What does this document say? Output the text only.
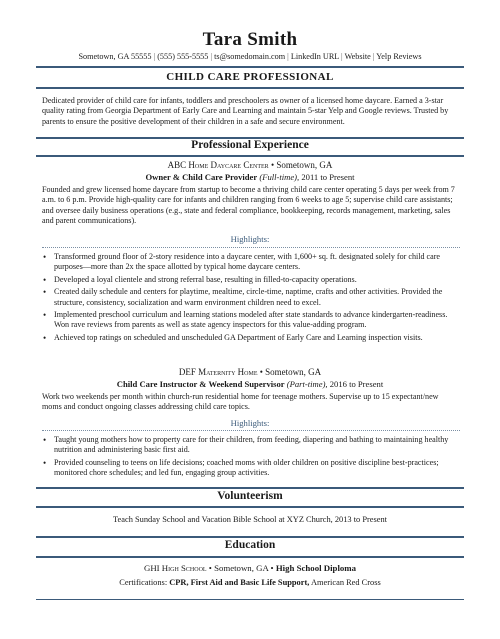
Tara Smith
Sometown, GA 55555 | (555) 555-5555 | ts@somedomain.com | LinkedIn URL | Website | Yelp Reviews
CHILD CARE PROFESSIONAL
Dedicated provider of child care for infants, toddlers and preschoolers as owner of a licensed home daycare. Earned a 3-star quality rating from Georgia Department of Early Care and Learning and maintain 5-star Yelp and Google reviews. Trusted by parents to ensure the positive development of their children in a safe and secure environment.
Professional Experience
ABC Home Daycare Center • Sometown, GA
Owner & Child Care Provider (Full-time), 2011 to Present
Founded and grew licensed home daycare from startup to become a thriving child care center operating 5 days per week from 7 a.m. to 6 p.m. Provide high-quality care for infants and children ranging from 6 weeks to age 5; supervise child care assistants; and oversee daily business operations (e.g., state and federal compliance, bookkeeping, records management, marketing, sales and parent communications).
Highlights:
• Transformed ground floor of 2-story residence into a daycare center, with 1,600+ sq. ft. designated solely for child care purposes—more than 2x the space allotted by typical home daycare centers.
• Developed a loyal clientele and strong referral base, resulting in filled-to-capacity operations.
• Created daily schedule and centers for playtime, mealtime, circle-time, naptime, crafts and other activities. Provided the structure, consistency, socialization and warm environment children need to excel.
• Implemented preschool curriculum and learning stations modeled after state standards to advance kindergarten-readiness. Won rave reviews from parents as well as state agency inspectors for this value-adding program.
• Achieved top ratings on scheduled and unscheduled GA Department of Early Care and Learning inspection visits.
DEF Maternity Home • Sometown, GA
Child Care Instructor & Weekend Supervisor (Part-time), 2016 to Present
Work two weekends per month within church-run residential home for teenage mothers. Supervise up to 15 expectant/new moms and conduct ongoing classes addressing child care topics.
Highlights:
• Taught young mothers how to property care for their children, from feeding, diapering and bathing to maintaining healthy nutrition and administering basic first aid.
• Provided counseling to teens on life decisions; coached moms with older children on positive discipline best-practices; monitored chore schedules; and led fun, engaging group activities.
Volunteerism
Teach Sunday School and Vacation Bible School at XYZ Church, 2013 to Present
Education
GHI High School • Sometown, GA • High School Diploma
Certifications: CPR, First Aid and Basic Life Support, American Red Cross
